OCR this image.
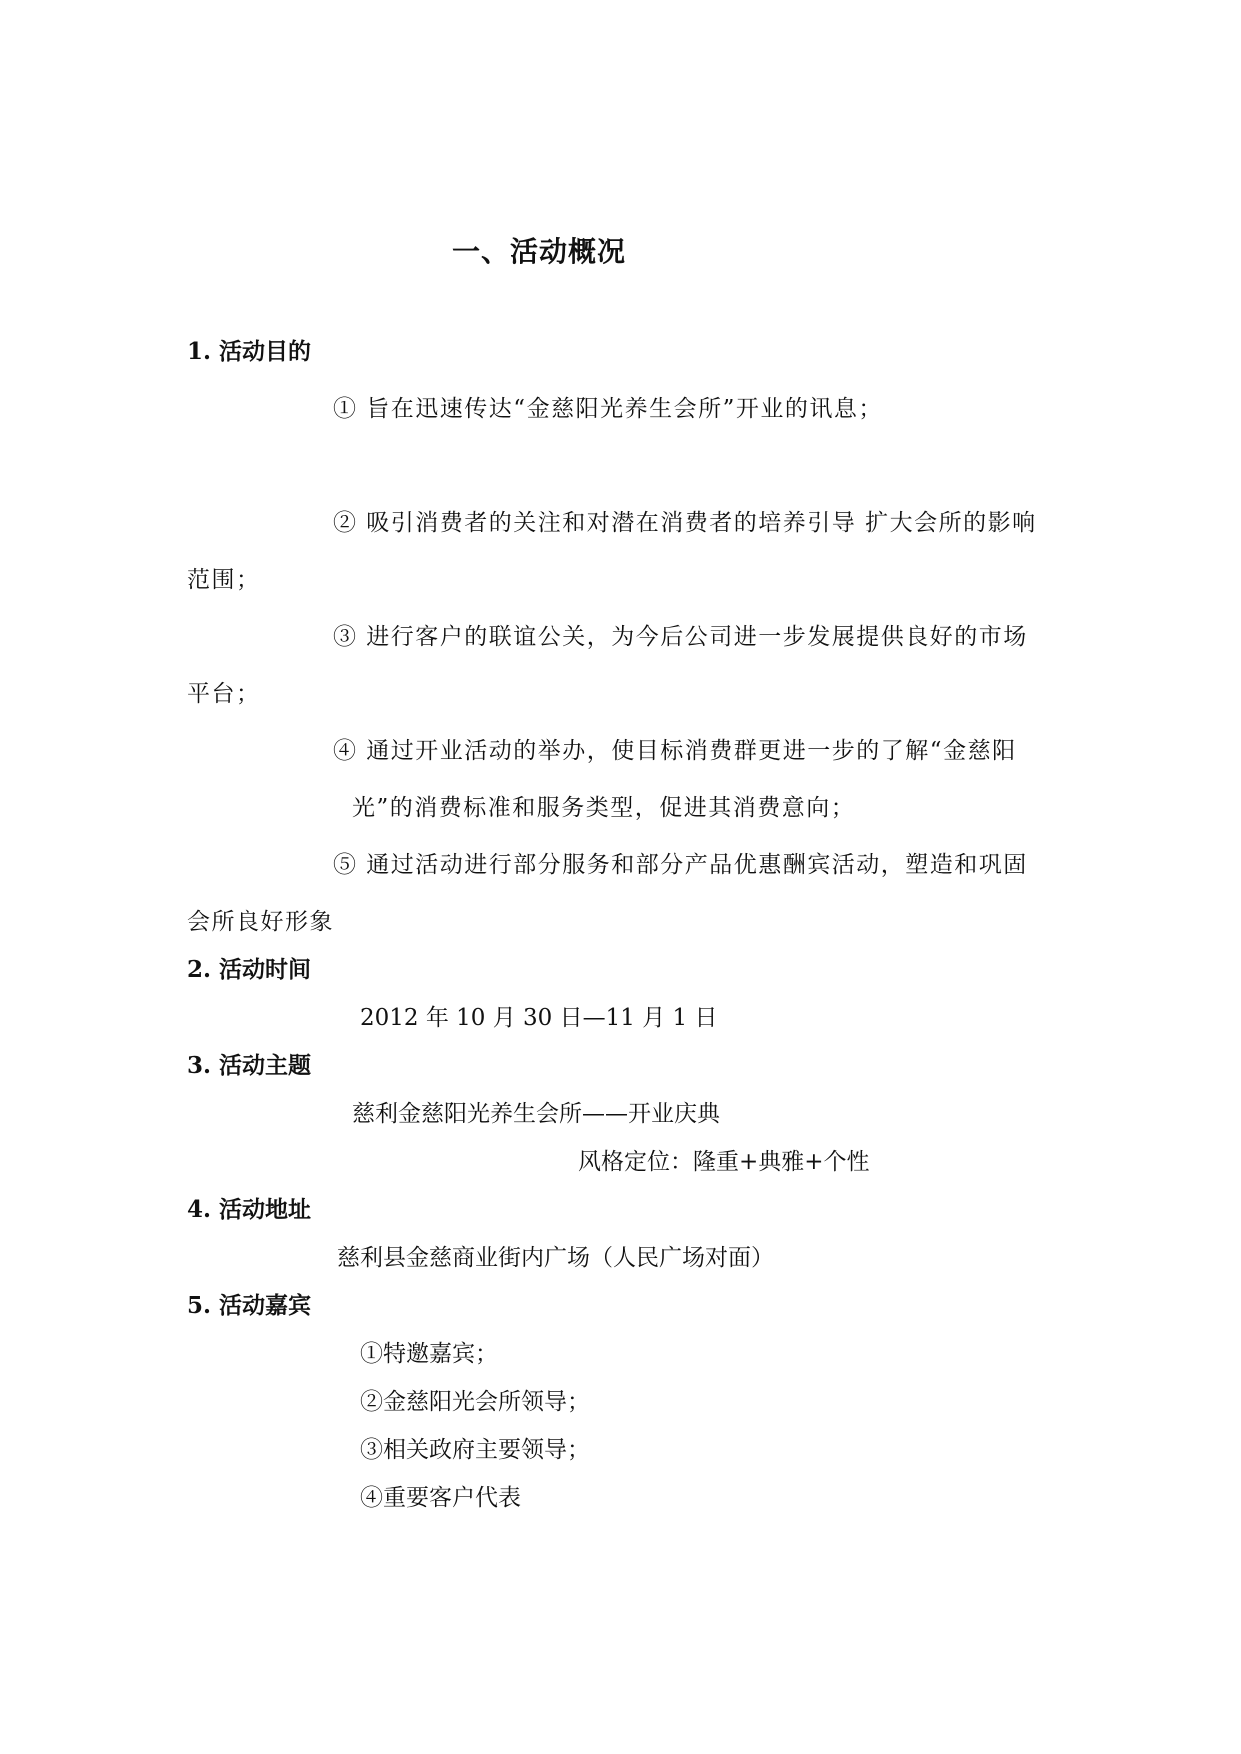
一、活动概况
1. 活动目的
① 旨在迅速传达“金慈阳光养生会所”开业的讯息；
② 吸引消费者的关注和对潜在消费者的培养引导 扩大会所的影响
范围；
③ 进行客户的联谊公关，为今后公司进一步发展提供良好的市场
平台；
④ 通过开业活动的举办，使目标消费群更进一步的了解“金慈阳
光”的消费标准和服务类型，促进其消费意向；
⑤ 通过活动进行部分服务和部分产品优惠酬宾活动，塑造和巩固
会所良好形象
2. 活动时间
2012 年 10 月 30 日—11 月 1 日
3. 活动主题
慈利金慈阳光养生会所——开业庆典
风格定位：隆重+典雅+个性
4. 活动地址
慈利县金慈商业街内广场（人民广场对面）
5. 活动嘉宾
①特邀嘉宾；
②金慈阳光会所领导；
③相关政府主要领导；
④重要客户代表
